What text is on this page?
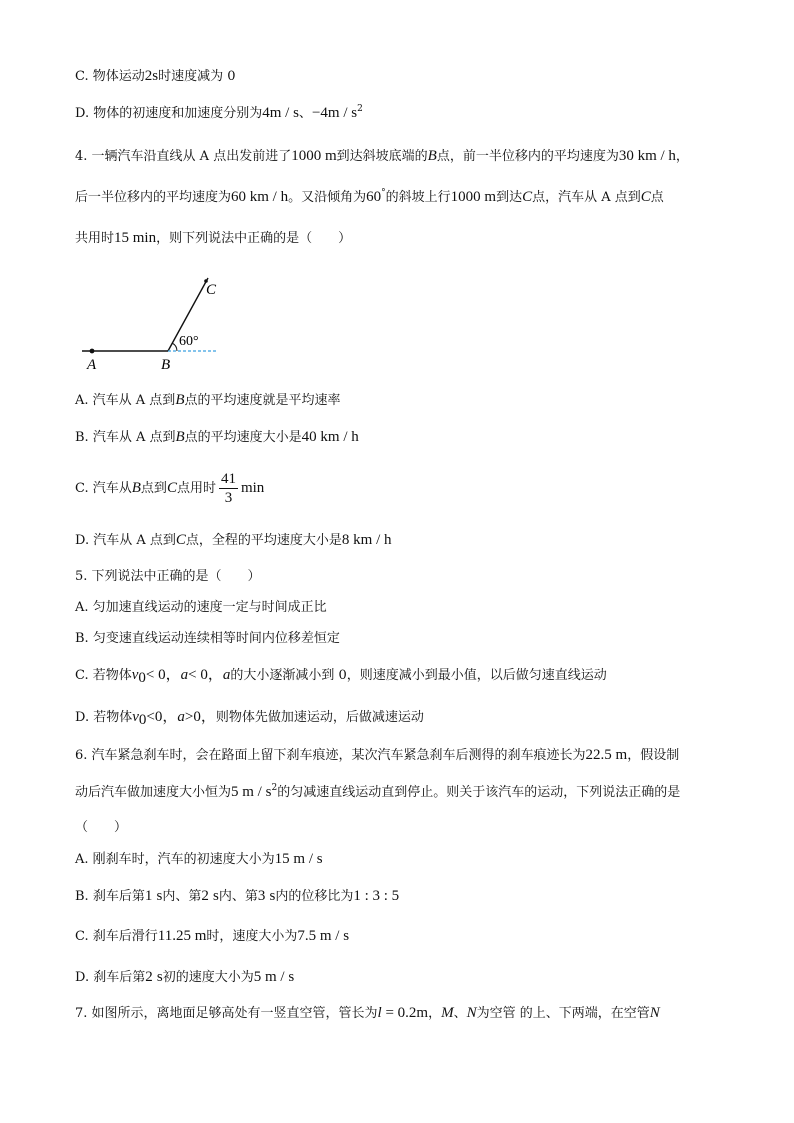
C. 物体运动2s时速度减为 0
D. 物体的初速度和加速度分别为4m / s、$-4m / s^2$
4. 一辆汽车沿直线从 A 点出发前进了1000 m到达斜坡底端的B点，前一半位移内的平均速度为30 km / h，
后一半位移内的平均速度为60 km / h。又沿倾角为60°的斜坡上行1000 m到达C点，汽车从 A 点到C点
共用时15 min，则下列说法中正确的是（　　）
A	B
C
60°
A. 汽车从 A 点到B点的平均速度就是平均速率
B. 汽车从 A 点到B点的平均速度大小是40 km / h
C. 汽车从B点到C点用时 $\frac{41}{3}$ min
D. 汽车从 A 点到C点，全程的平均速度大小是8 km / h
5. 下列说法中正确的是（　　）
A. 匀加速直线运动的速度一定与时间成正比
B. 匀变速直线运动连续相等时间内位移差恒定
C. 若物体$v_0< 0$，a< 0，a的大小逐渐减小到 0，则速度减小到最小值，以后做匀速直线运动
D. 若物体$v_0<0$，a>0，则物体先做加速运动，后做减速运动
6. 汽车紧急刹车时，会在路面上留下刹车痕迹，某次汽车紧急刹车后测得的刹车痕迹长为22.5 m，假设制
动后汽车做加速度大小恒为5 m / $s^2$的匀减速直线运动直到停止。则关于该汽车的运动，下列说法正确的是
（　　）
A. 刚刹车时，汽车的初速度大小为15 m / s
B. 刹车后第1 s内、第2 s内、第3 s内的位移比为1 : 3 : 5
C. 刹车后滑行11.25 m时，速度大小为7.5 m / s
D. 刹车后第2 s初的速度大小为5 m / s
7. 如图所示，离地面足够高处有一竖直空管，管长为l = 0.2m，M、N为空管 的上、下两端，在空管N
